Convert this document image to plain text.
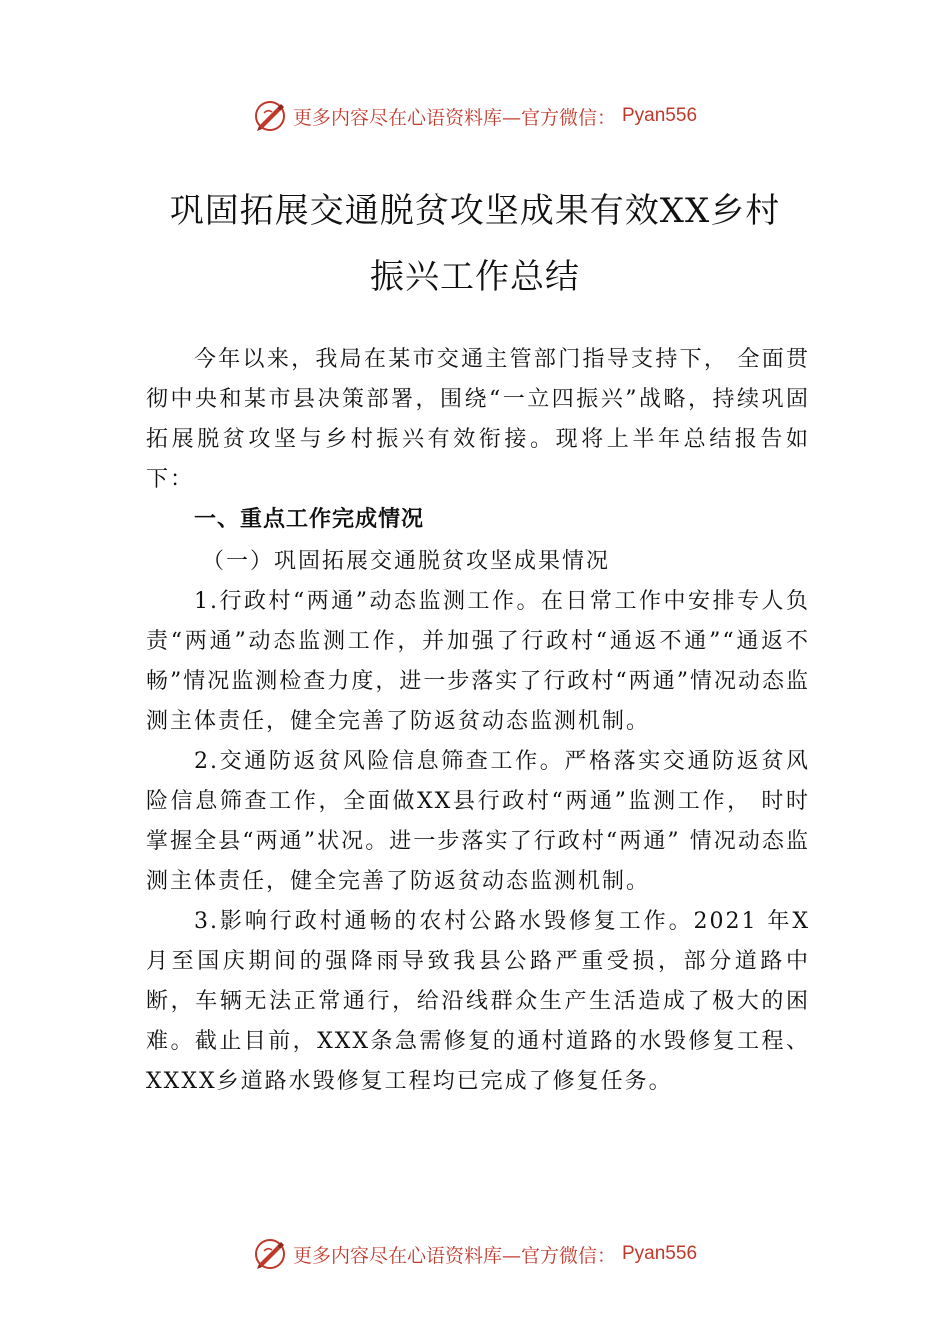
更多内容尽在心语资料库—官方微信： Pyan556
巩固拓展交通脱贫攻坚成果有效XX乡村
振兴工作总结

今年以来，我局在某市交通主管部门指导支持下， 全面贯彻中央和某市县决策部署，围绕“一立四振兴”战略，持续巩固拓展脱贫攻坚与乡村振兴有效衔接。现将上半年总结报告如下：

一、重点工作完成情况

（一）巩固拓展交通脱贫攻坚成果情况

1.行政村“两通”动态监测工作。在日常工作中安排专人负责“两通”动态监测工作，并加强了行政村“通返不通”“通返不畅”情况监测检查力度，进一步落实了行政村“两通”情况动态监测主体责任，健全完善了防返贫动态监测机制。

2.交通防返贫风险信息筛查工作。严格落实交通防返贫风险信息筛查工作，全面做XX县行政村“两通”监测工作， 时时掌握全县“两通”状况。进一步落实了行政村“两通” 情况动态监测主体责任，健全完善了防返贫动态监测机制。

3.影响行政村通畅的农村公路水毁修复工作。2021 年X月至国庆期间的强降雨导致我县公路严重受损，部分道路中断，车辆无法正常通行，给沿线群众生产生活造成了极大的困难。截止目前，XXX条急需修复的通村道路的水毁修复工程、XXXX乡道路水毁修复工程均已完成了修复任务。

更多内容尽在心语资料库—官方微信： Pyan556
